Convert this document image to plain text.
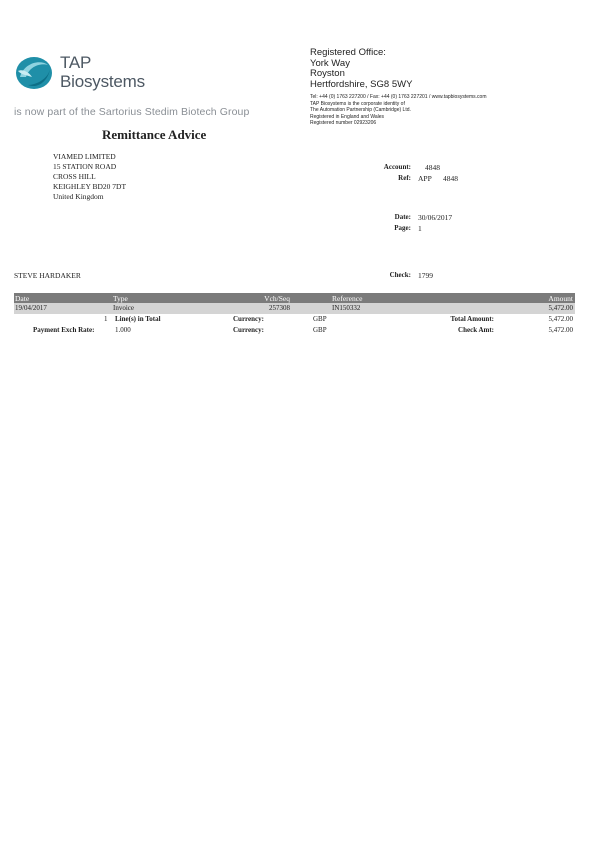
TAP
Biosystems
is now part of the Sartorius Stedim Biotech Group
Registered Office:
York Way
Royston
Hertfordshire, SG8 5WY
Tel: +44 (0) 1763 227200 / Fax: +44 (0) 1763 227201 / www.tapbiosystems.com
TAP Biosystems is the corporate identity of
The Automation Partnership (Cambridge) Ltd.
Registered in England and Wales
Registered number 02923206
Remittance Advice
VIAMED LIMITED
15 STATION ROAD
CROSS HILL
KEIGHLEY BD20 7DT
United Kingdom
Account: 4848
Ref: APP 4848
Date: 30/06/2017
Page: 1
STEVE HARDAKER	Check: 1799
Date	Type	Vch/Seq	Reference	Amount
19/04/2017	Invoice	257308	IN150332	5,472.00
1 Line(s) in Total	Currency:	GBP	Total Amount:	5,472.00
Payment Exch Rate:	1.000	Currency:	GBP	Check Amt:	5,472.00
